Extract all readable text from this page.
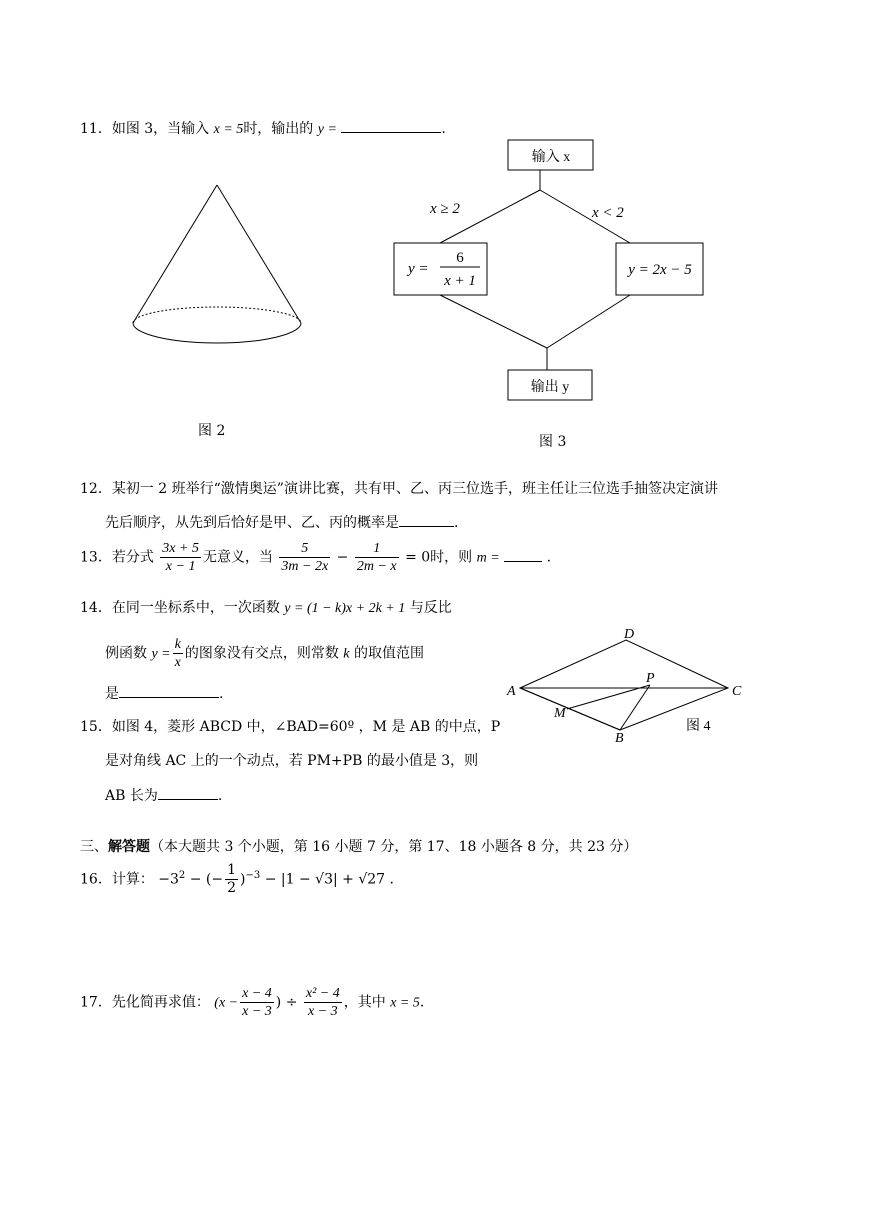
11．如图 3，当输入 x = 5时，输出的 y =	.
图 2
输入 x
x ≥ 2	x < 2
y =
6
x + 1
y = 2x − 5
输出 y
图 3
12．某初一 2 班举行“激情奥运”演讲比赛，共有甲、乙、丙三位选手，班主任让三位选手抽签决定演讲
先后顺序，从先到后恰好是甲、乙、丙的概率是	.
13．若分式 $\frac{3x + 5}{x - 1}$ 无意义，当 $\frac{5}{3m - 2x} - \frac{1}{2m - x} = 0$时，则 m =	.
14．在同一坐标系中，一次函数 y = (1 − k)x + 2k + 1 与反比
例函数 $y = \frac{k}{x}$ 的图象没有交点，则常数 k 的取值范围
是	.
15．如图 4，菱形 ABCD 中，∠BAD=60º ，M 是 AB 的中点，P
是对角线 AC 上的一个动点，若 PM+PB 的最小值是 3，则
AB 长为	.
A
B
C
D
M
P
图 4
三、解答题（本大题共 3 个小题，第 16 小题 7 分，第 17、18 小题各 8 分，共 23 分）
16．计算： $-3^2$ − (− $\frac{1}{2} )^{-3} - |1 - √3| + √27$ .
17．先化简再求值： ($x - \frac{x - 4}{x - 3}$ ) ÷ $\frac{\text{x² − 4}}{x - 3}$ ，其中 x = 5.
